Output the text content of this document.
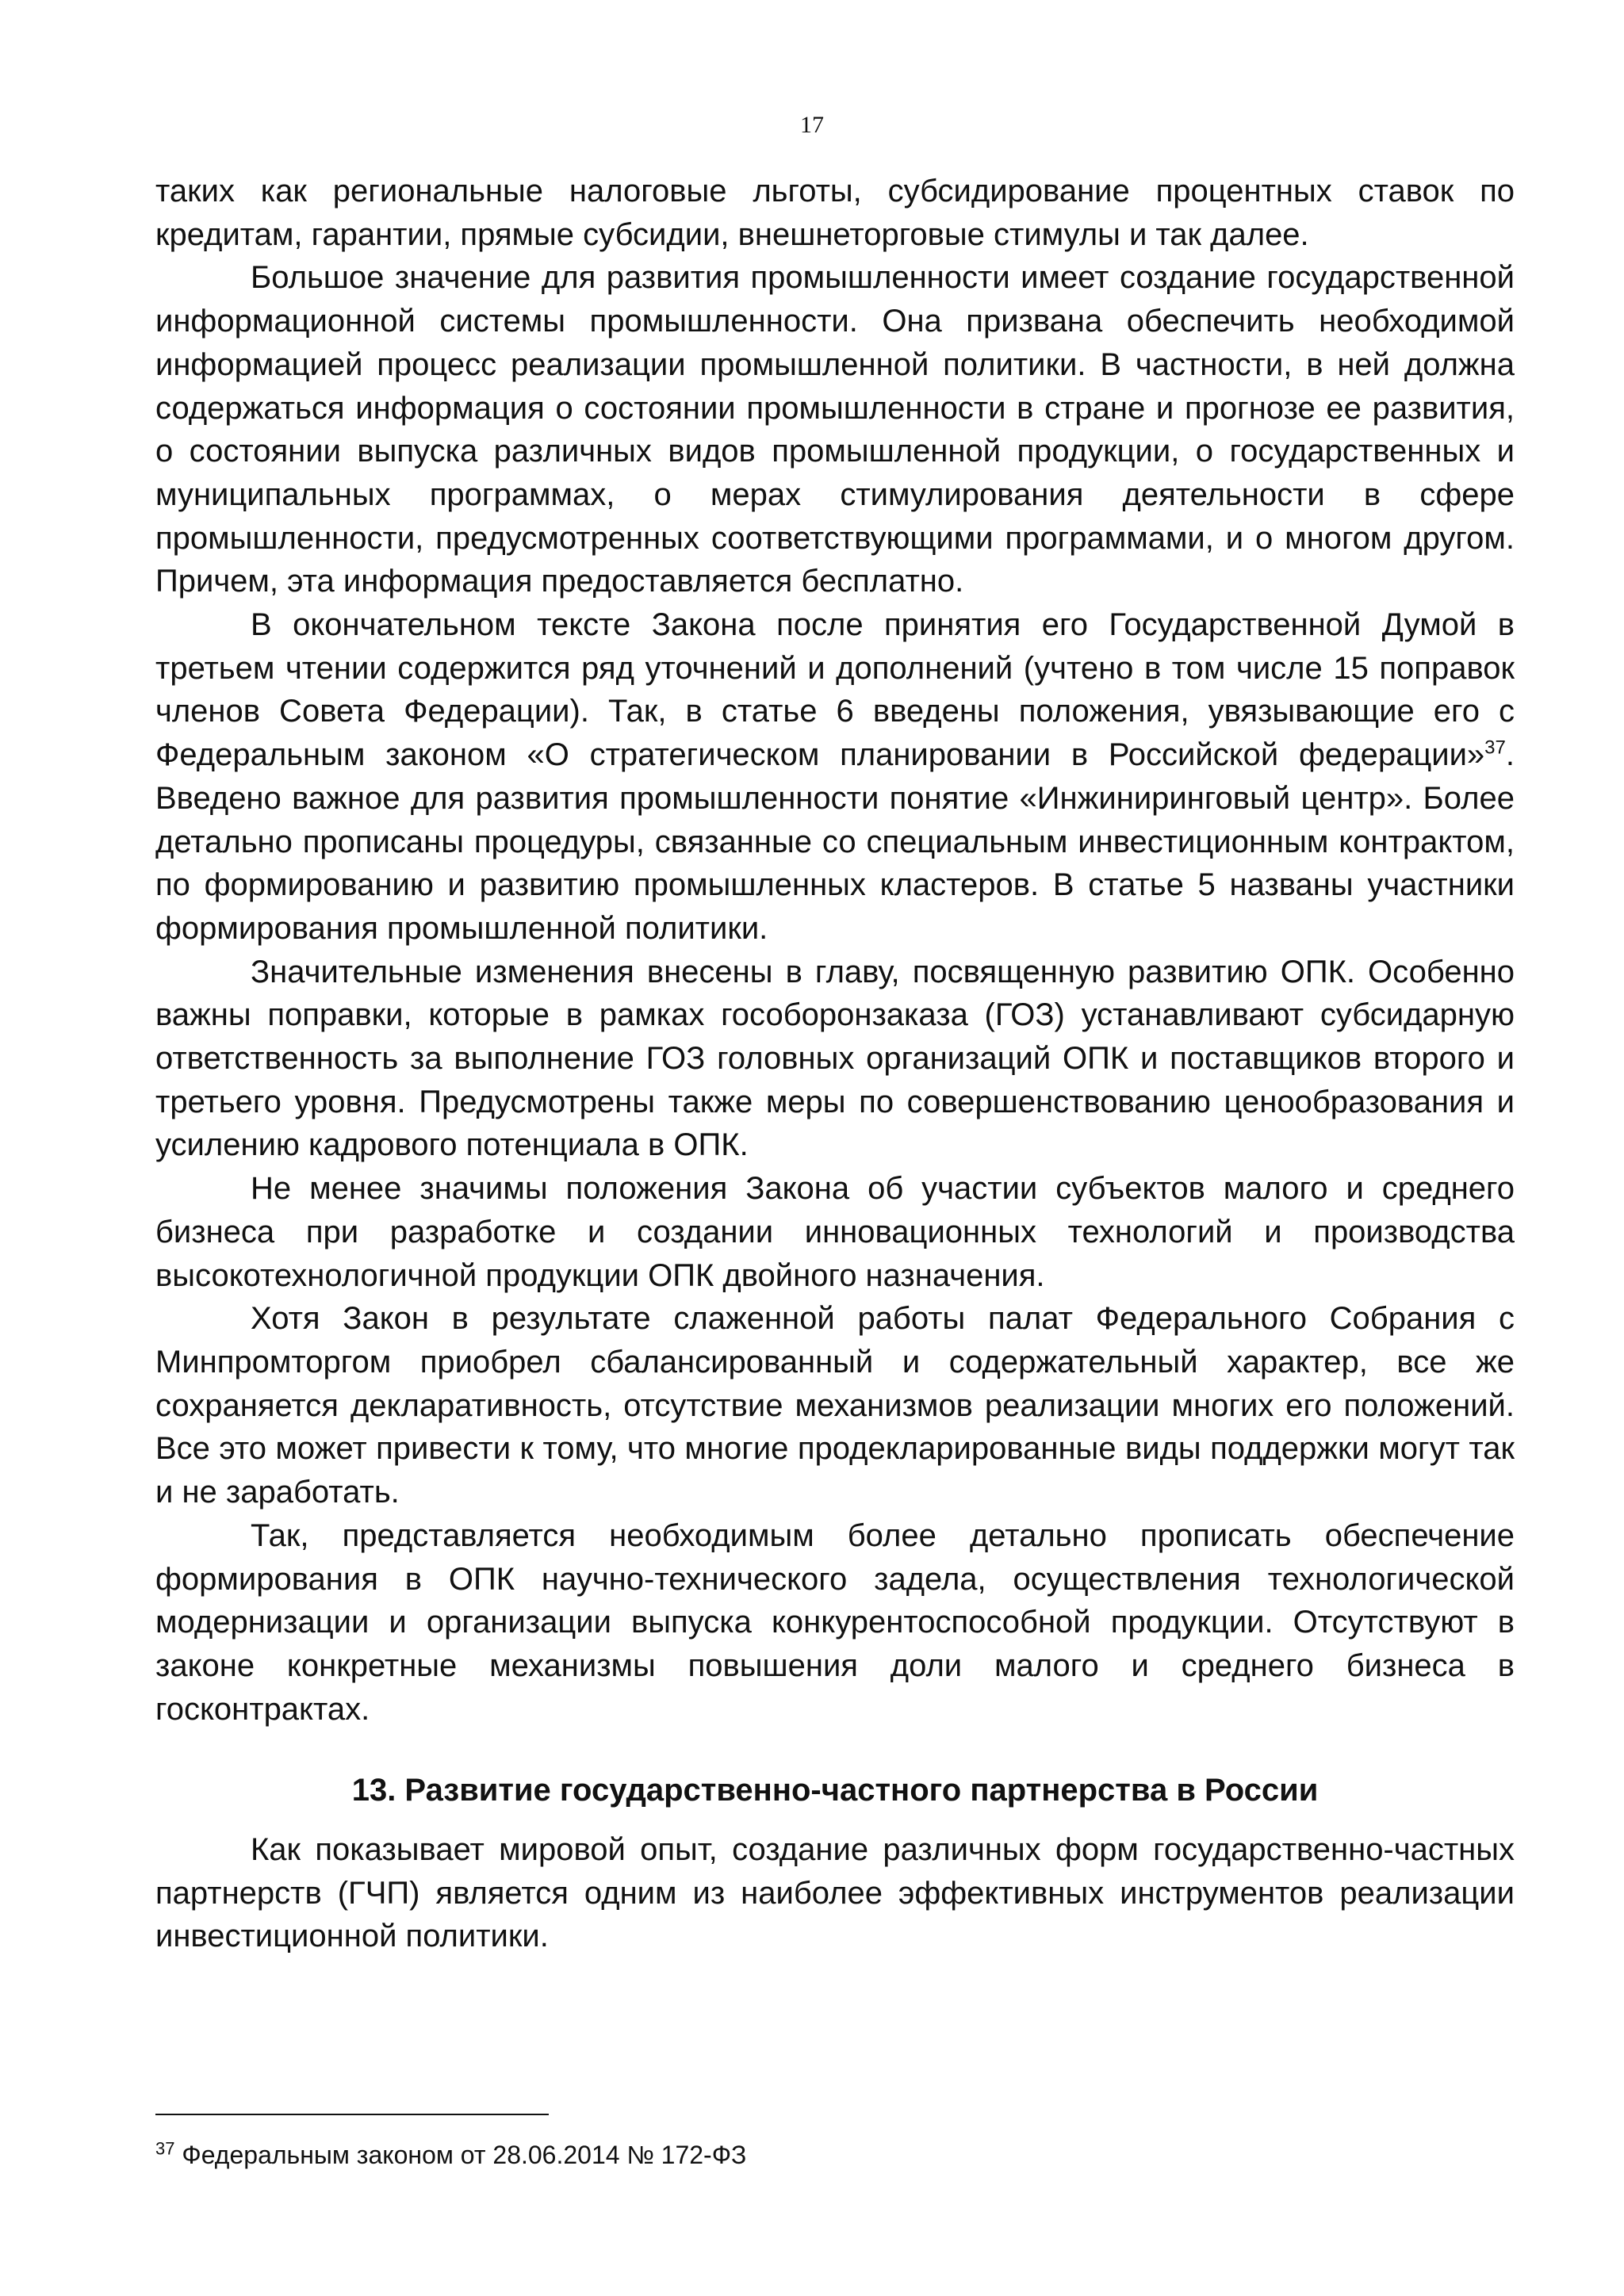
17

таких как региональные налоговые льготы, субсидирование процентных ставок по кредитам, гарантии, прямые субсидии, внешнеторговые стимулы и так далее.

Большое значение для развития промышленности имеет создание государственной информационной системы промышленности. Она призвана обеспечить необходимой информацией процесс реализации промышленной политики. В частности, в ней должна содержаться информация о состоянии промышленности в стране и прогнозе ее развития, о состоянии выпуска различных видов промышленной продукции, о государственных и муниципальных программах, о мерах стимулирования деятельности в сфере промышленности, предусмотренных соответствующими программами, и о многом другом. Причем, эта информация предоставляется бесплатно.

В окончательном тексте Закона после принятия его Государственной Думой в третьем чтении содержится ряд уточнений и дополнений (учтено в том числе 15 поправок членов Совета Федерации). Так, в статье 6 введены положения, увязывающие его с Федеральным законом «О стратегическом планировании в Российской федерации»$^{37}$. Введено важное для развития промышленности понятие «Инжиниринговый центр». Более детально прописаны процедуры, связанные со специальным инвестиционным контрактом, по формированию и развитию промышленных кластеров. В статье 5 названы участники формирования промышленной политики.

Значительные изменения внесены в главу, посвященную развитию ОПК. Особенно важны поправки, которые в рамках гособоронзаказа (ГОЗ) устанавливают субсидарную ответственность за выполнение ГОЗ головных организаций ОПК и поставщиков второго и третьего уровня. Предусмотрены также меры по совершенствованию ценообразования и усилению кадрового потенциала в ОПК.

Не менее значимы положения Закона об участии субъектов малого и среднего бизнеса при разработке и создании инновационных технологий и производства высокотехнологичной продукции ОПК двойного назначения.

Хотя Закон в результате слаженной работы палат Федерального Собрания с Минпромторгом приобрел сбалансированный и содержательный характер, все же сохраняется декларативность, отсутствие механизмов реализации многих его положений. Все это может привести к тому, что многие продекларированные виды поддержки могут так и не заработать.

Так, представляется необходимым более детально прописать обеспечение формирования в ОПК научно-технического задела, осуществления технологической модернизации и организации выпуска конкурентоспособной продукции. Отсутствуют в законе конкретные механизмы повышения доли малого и среднего бизнеса в госконтрактах.

13. Развитие государственно-частного партнерства в России

Как показывает мировой опыт, создание различных форм государственно-частных партнерств (ГЧП) является одним из наиболее эффективных инструментов реализации инвестиционной политики.

$^{37}$ Федеральным законом от 28.06.2014 № 172-ФЗ
